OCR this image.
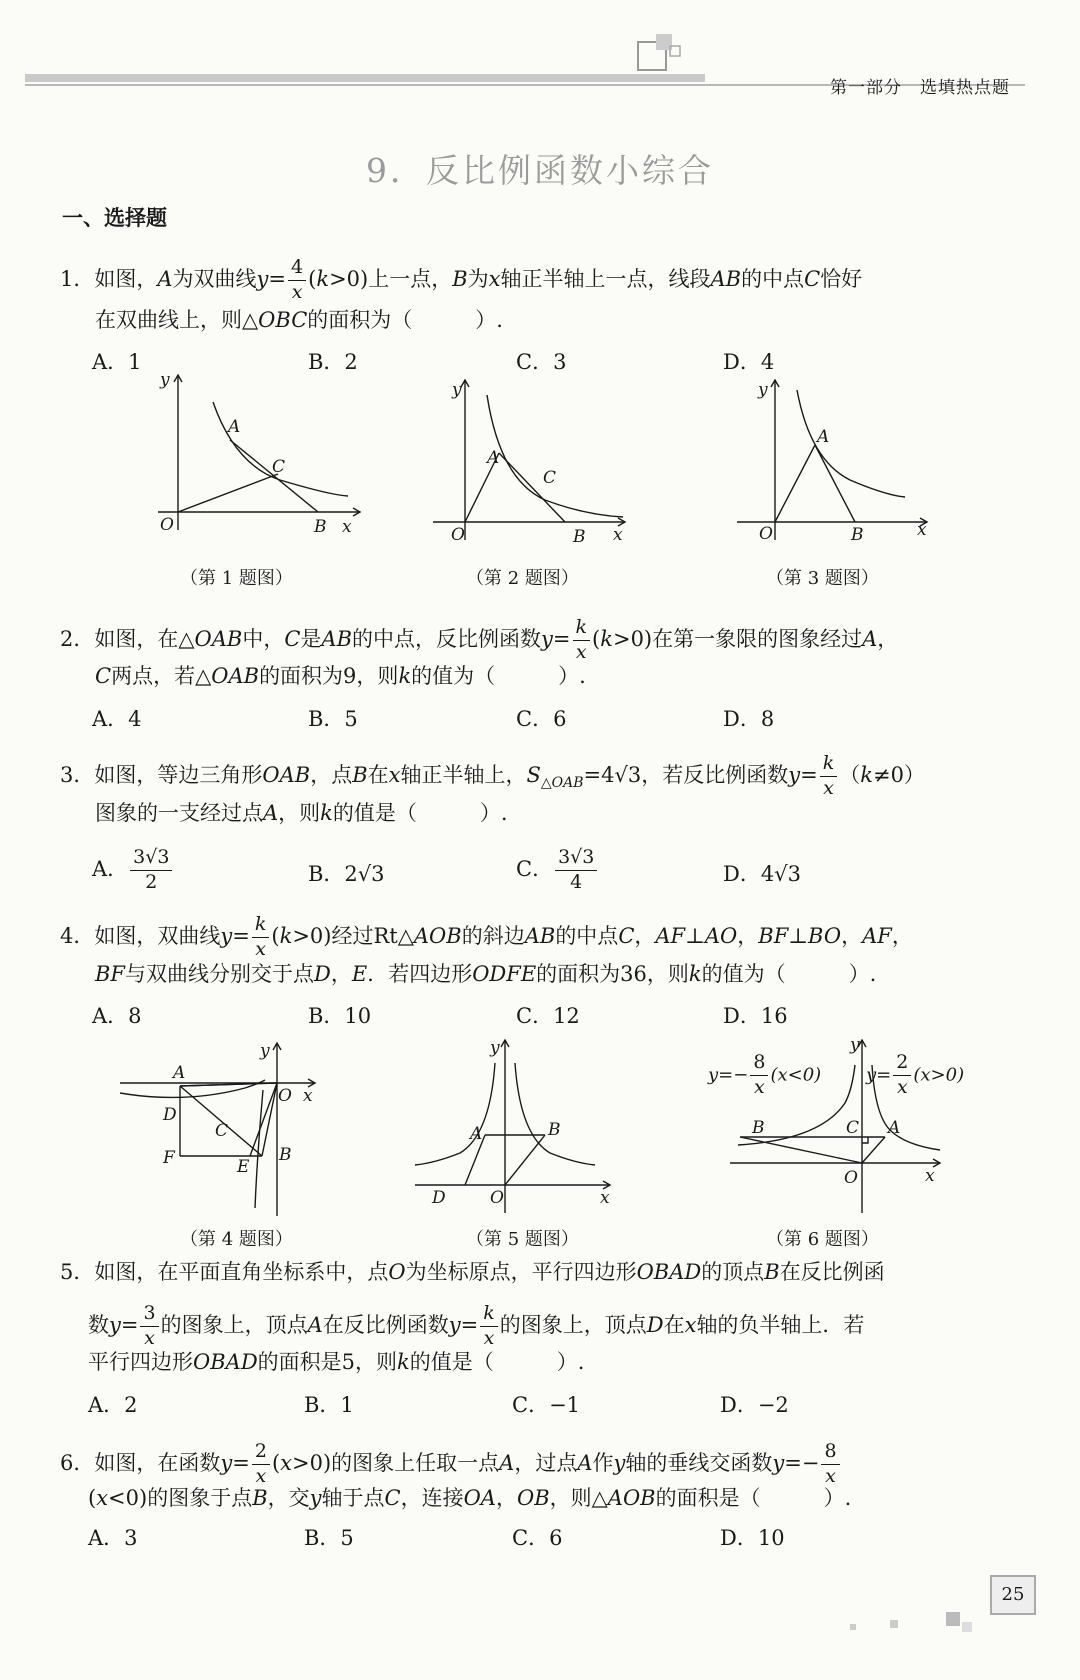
第一部分　选填热点题
9．反比例函数小综合
一、选择题
1．如图，A为双曲线$y= \frac{4}{x} (k>0)$上一点，B为x轴正半轴上一点，线段AB的中点C恰好
在双曲线上，则△OBC的面积为（　　　）.
A．1	B．2	C．3	D．4
y
x
O
A
C
B
（第 1 题图）
y
x
O
A
C
B
（第 2 题图）
y
x
O
A
B
（第 3 题图）
2．如图，在△OAB中，C是AB的中点，反比例函数$y= \frac{k}{x} (k>0)$在第一象限的图象经过A，
C两点，若△OAB的面积为9，则k的值为（　　　）.
A．4	B．5	C．6	D．8
3．如图，等边三角形OAB，点B在x轴正半轴上，$S_{\triangle OAB}=4√3$，若反比例函数$y= \frac{k}{x} (k\ne 0)$
图象的一支经过点A，则k的值是（　　　）.
A． $\frac{3√3}{2}$	B．2√3	C． $\frac{3√3}{4}$	D．4√3
4．如图，双曲线$y= \frac{k}{x} (k>0)$经过Rt△AOB的斜边AB的中点C，AF⊥AO，BF⊥BO，AF，
BF与双曲线分别交于点D，E．若四边形ODFE的面积为36，则k的值为（　　　）.
A．8	B．10	C．12	D．16
y
x
O
A
D
C
F	E
B
（第 4 题图）
y
x
O
A	B
D
（第 5 题图）
y
x
O
B	C A
$y=- \frac{8}{x} (x<0)$ $y= \frac{2}{x} (x>0)$
（第 6 题图）
5．如图，在平面直角坐标系中，点O为坐标原点，平行四边形OBAD的顶点B在反比例函
数$y= \frac{3}{x}$ 的图象上，顶点A在反比例函数$y= \frac{k}{x}$ 的图象上，顶点D在x轴的负半轴上．若
平行四边形OBAD的面积是5，则k的值是（　　　）.
A．2	B．1	C．−1	D．−2
6．如图，在函数$y= \frac{2}{x} (x>0)$的图象上任取一点A，过点A作y轴的垂线交函数$y=- \frac{8}{x}$
(x<0)的图象于点B，交y轴于点C，连接OA，OB，则△AOB的面积是（　　　）.
A．3	B．5	C．6	D．10
25
